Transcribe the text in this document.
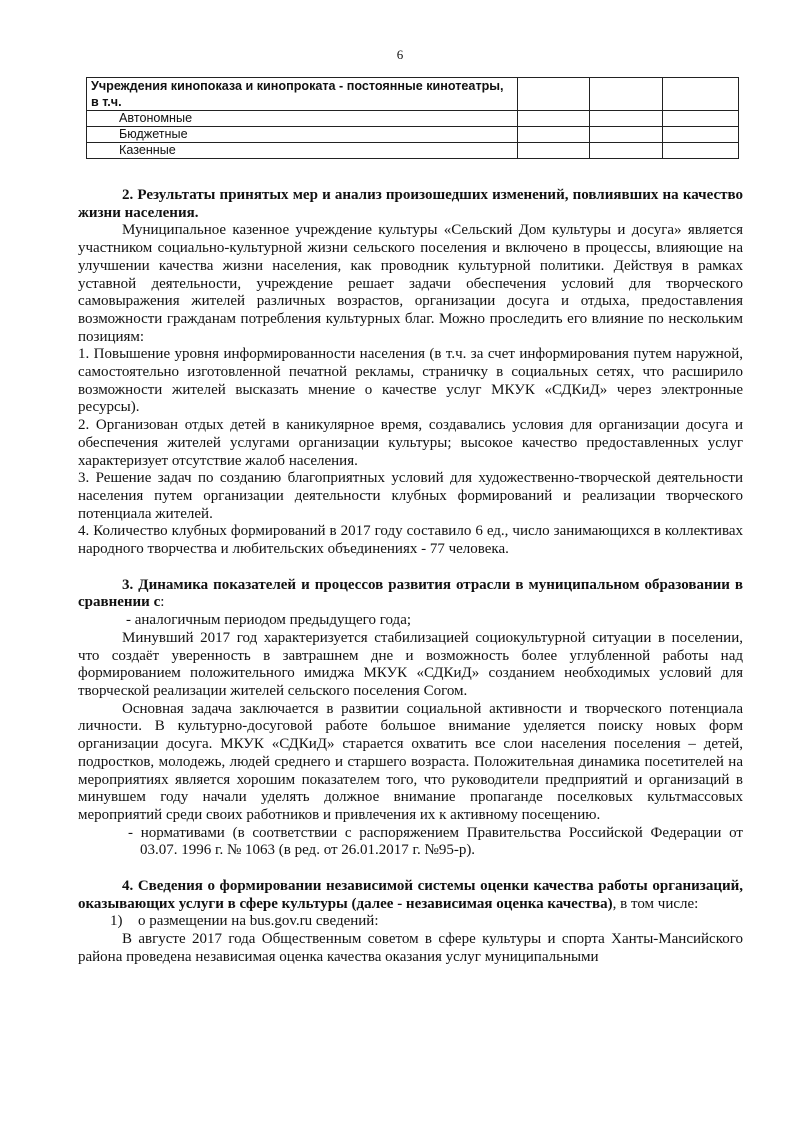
6
Учреждения кинопоказа и кинопроката - постоянные кинотеатры, в т.ч.			
Автономные			
Бюджетные			
Казенные			

2. Результаты принятых мер и анализ произошедших изменений, повлиявших на качество жизни населения.

Муниципальное казенное учреждение культуры «Сельский Дом культуры и досуга» является участником социально-культурной жизни сельского поселения и включено в процессы, влияющие на улучшении качества жизни населения, как проводник культурной политики. Действуя в рамках уставной деятельности, учреждение решает задачи обеспечения условий для творческого самовыражения жителей различных возрастов, организации досуга и отдыха, предоставления возможности гражданам потребления культурных благ. Можно проследить его влияние по нескольким позициям:

1. Повышение уровня информированности населения (в т.ч. за счет информирования путем наружной, самостоятельно изготовленной печатной рекламы, страничку в социальных сетях, что расширило возможности жителей высказать мнение о качестве услуг МКУК «СДКиД» через электронные ресурсы).

2. Организован отдых детей в каникулярное время, создавались условия для организации досуга и обеспечения жителей услугами организации культуры; высокое качество предоставленных услуг характеризует отсутствие жалоб населения.

3. Решение задач по созданию благоприятных условий для художественно-творческой деятельности населения путем организации деятельности клубных формирований и реализации творческого потенциала жителей.

4. Количество клубных формирований в 2017 году составило 6 ед., число занимающихся в коллективах народного творчества и любительских объединениях - 77 человека.

3. Динамика показателей и процессов развития отрасли в муниципальном образовании в сравнении с:

- аналогичным периодом предыдущего года;

Минувший 2017 год характеризуется стабилизацией социокультурной ситуации в поселении, что создаёт уверенность в завтрашнем дне и возможность более углубленной работы над формированием положительного имиджа МКУК «СДКиД» созданием необходимых условий для творческой реализации жителей сельского поселения Согом.

Основная задача заключается в развитии социальной активности и творческого потенциала личности. В культурно-досуговой работе большое внимание уделяется поиску новых форм организации досуга. МКУК «СДКиД» старается охватить все слои населения поселения – детей, подростков, молодежь, людей среднего и старшего возраста. Положительная динамика посетителей на мероприятиях является хорошим показателем того, что руководители предприятий и организаций в минувшем году начали уделять должное внимание пропаганде поселковых культмассовых мероприятий среди своих работников и привлечения их к активному посещению.

- нормативами (в соответствии с распоряжением Правительства Российской Федерации от 03.07. 1996 г. № 1063 (в ред. от 26.01.2017 г. №95-р).

4. Сведения о формировании независимой системы оценки качества работы организаций, оказывающих услуги в сфере культуры (далее - независимая оценка качества), в том числе:

1) о размещении на bus.gov.ru сведений:

В августе 2017 года Общественным советом в сфере культуры и спорта Ханты-Мансийского района проведена независимая оценка качества оказания услуг муниципальными
